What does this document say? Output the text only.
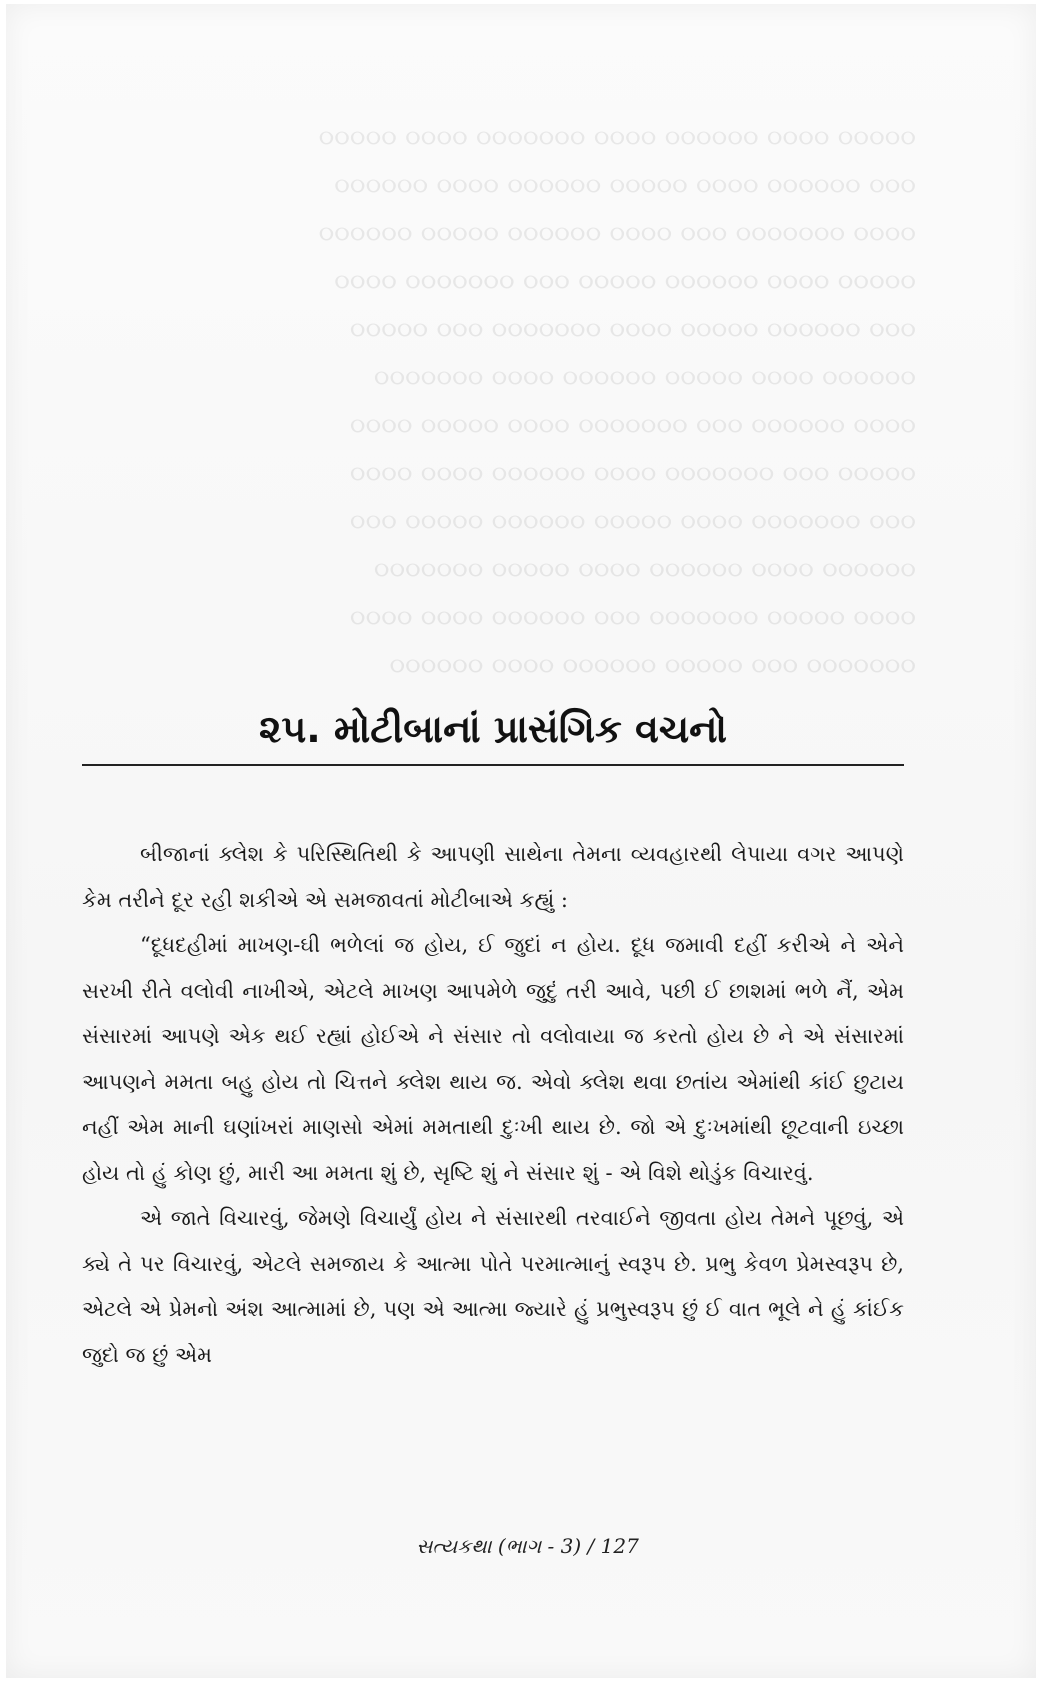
૦૦૦૦૦ ૦૦૦૦ ૦૦૦૦૦૦ ૦૦૦૦ ૦૦૦૦૦૦૦ ૦૦૦૦ ૦૦૦૦૦
૦૦૦ ૦૦૦૦૦૦ ૦૦૦૦ ૦૦૦૦૦ ૦૦૦૦૦૦ ૦૦૦૦ ૦૦૦૦૦૦
૦૦૦૦ ૦૦૦૦૦૦૦ ૦૦૦ ૦૦૦૦ ૦૦૦૦૦૦ ૦૦૦૦૦ ૦૦૦૦૦૦
૦૦૦૦૦ ૦૦૦૦ ૦૦૦૦૦૦ ૦૦૦૦૦ ૦૦૦ ૦૦૦૦૦૦૦ ૦૦૦૦
૦૦૦ ૦૦૦૦૦૦ ૦૦૦૦૦ ૦૦૦૦ ૦૦૦૦૦૦૦ ૦૦૦ ૦૦૦૦૦
૦૦૦૦૦૦ ૦૦૦૦ ૦૦૦૦૦ ૦૦૦૦૦૦ ૦૦૦૦ ૦૦૦૦૦૦૦
૦૦૦૦ ૦૦૦૦૦૦ ૦૦૦ ૦૦૦૦૦૦૦ ૦૦૦૦ ૦૦૦૦૦ ૦૦૦૦
૦૦૦૦૦ ૦૦૦ ૦૦૦૦૦૦૦ ૦૦૦૦ ૦૦૦૦૦૦ ૦૦૦૦ ૦૦૦૦
૦૦૦ ૦૦૦૦૦૦૦ ૦૦૦૦ ૦૦૦૦૦ ૦૦૦૦૦૦ ૦૦૦૦૦ ૦૦૦
૦૦૦૦૦૦ ૦૦૦૦ ૦૦૦૦૦૦ ૦૦૦૦ ૦૦૦૦૦ ૦૦૦૦૦૦૦
૦૦૦૦ ૦૦૦૦૦ ૦૦૦૦૦૦૦ ૦૦૦ ૦૦૦૦૦૦ ૦૦૦૦ ૦૦૦૦
૦૦૦૦૦૦૦ ૦૦૦ ૦૦૦૦૦ ૦૦૦૦૦૦ ૦૦૦૦ ૦૦૦૦૦૦
૨૫. મોટીબાનાં પ્રાસંગિક વચનો

બીજાનાં ક્લેશ કે પરિસ્થિતિથી કે આપણી સાથેના તેમના વ્યવહારથી લેપાયા વગર આપણે કેમ તરીને દૂર રહી શકીએ એ સમજાવતાં મોટીબાએ કહ્યું :

“દૂધદહીમાં માખણ-ઘી ભળેલાં જ હોય, ઈ જુદાં ન હોય. દૂધ જમાવી દહીં કરીએ ને એને સરખી રીતે વલોવી નાખીએ, એટલે માખણ આપમેળે જુદું તરી આવે, પછી ઈ છાશમાં ભળે નૈં, એમ સંસારમાં આપણે એક થઈ રહ્યાં હોઈએ ને સંસાર તો વલોવાયા જ કરતો હોય છે ને એ સંસારમાં આપણને મમતા બહુ હોય તો ચિત્તને ક્લેશ થાય જ. એવો ક્લેશ થવા છતાંય એમાંથી કાંઈ છુટાય નહીં એમ માની ઘણાંખરાં માણસો એમાં મમતાથી દુઃખી થાય છે. જો એ દુઃખમાંથી છૂટવાની ઇચ્છા હોય તો હું કોણ છું, મારી આ મમતા શું છે, સૃષ્ટિ શું ને સંસાર શું - એ વિશે થોડુંક વિચારવું.

એ જાતે વિચારવું, જેમણે વિચાર્યું હોય ને સંસારથી તરવાઈને જીવતા હોય તેમને પૂછવું, એ ક્યે તે પર વિચારવું, એટલે સમજાય કે આત્મા પોતે પરમાત્માનું સ્વરૂપ છે. પ્રભુ કેવળ પ્રેમસ્વરૂપ છે, એટલે એ પ્રેમનો અંશ આત્મામાં છે, પણ એ આત્મા જ્યારે હું પ્રભુસ્વરૂપ છું ઈ વાત ભૂલે ને હું કાંઈક જુદો જ છું એમ

સત્યકથા (ભાગ - 3) / 127
